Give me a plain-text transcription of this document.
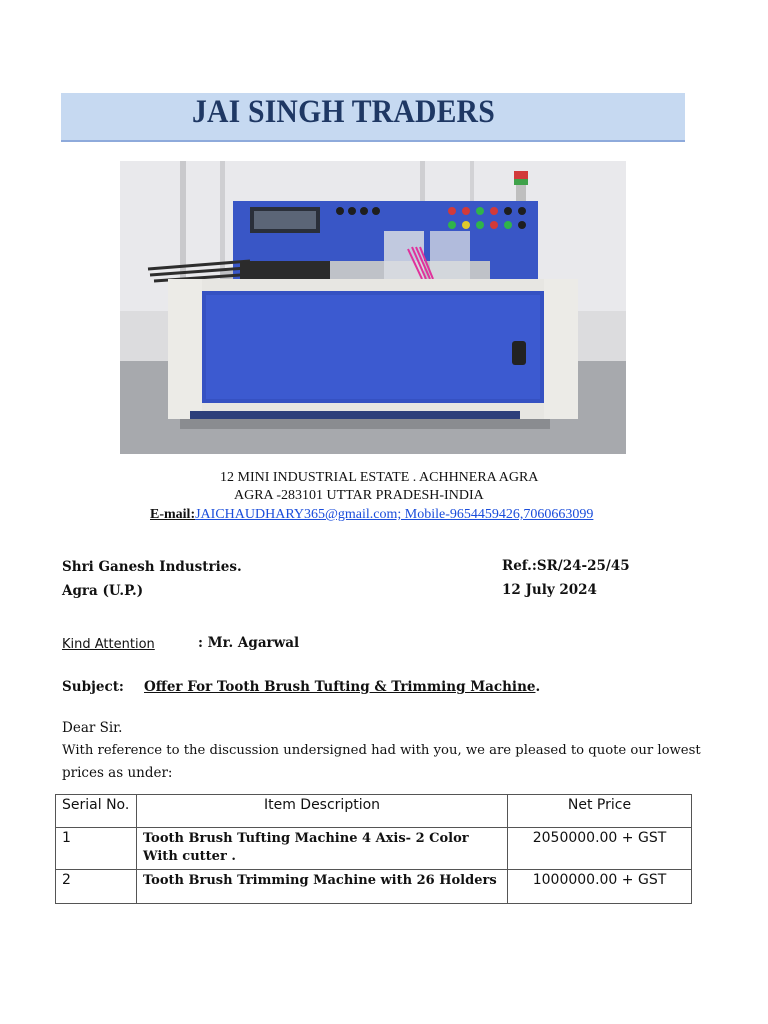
JAI SINGH TRADERS
12 MINI INDUSTRIAL ESTATE . ACHHNERA AGRA
AGRA -283101 UTTAR PRADESH-INDIA
E-mail:JAICHAUDHARY365@gmail.com; Mobile-9654459426,7060663099
Shri Ganesh Industries.
Agra (U.P.)
Ref.:SR/24-25/45
12 July 2024
Kind Attention	: Mr. Agarwal
Subject: Offer For Tooth Brush Tufting & Trimming Machine.
Dear Sir.
With reference to the discussion undersigned had with you, we are pleased to quote our lowest
prices as under:
Serial No.	Item Description	Net Price
1	Tooth Brush Tufting Machine 4 Axis- 2 Color With cutter .	2050000.00 + GST
2	Tooth Brush Trimming Machine with 26 Holders	1000000.00 + GST
